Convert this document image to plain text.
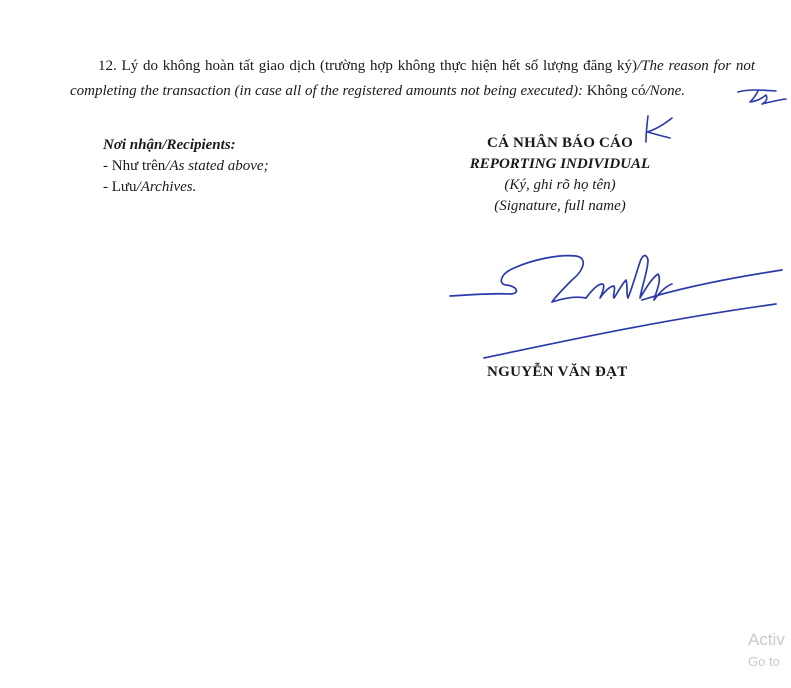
12. Lý do không hoàn tất giao dịch (trường hợp không thực hiện hết số lượng đăng ký)/The reason for not completing the transaction (in case all of the registered amounts not being executed): Không có/None.

Nơi nhận/Recipients:
- Như trên/As stated above;
- Lưu/Archives.
CÁ NHÂN BÁO CÁO
REPORTING INDIVIDUAL
(Ký, ghi rõ họ tên)
(Signature, full name)
NGUYỄN VĂN ĐẠT
Activ
Go to
